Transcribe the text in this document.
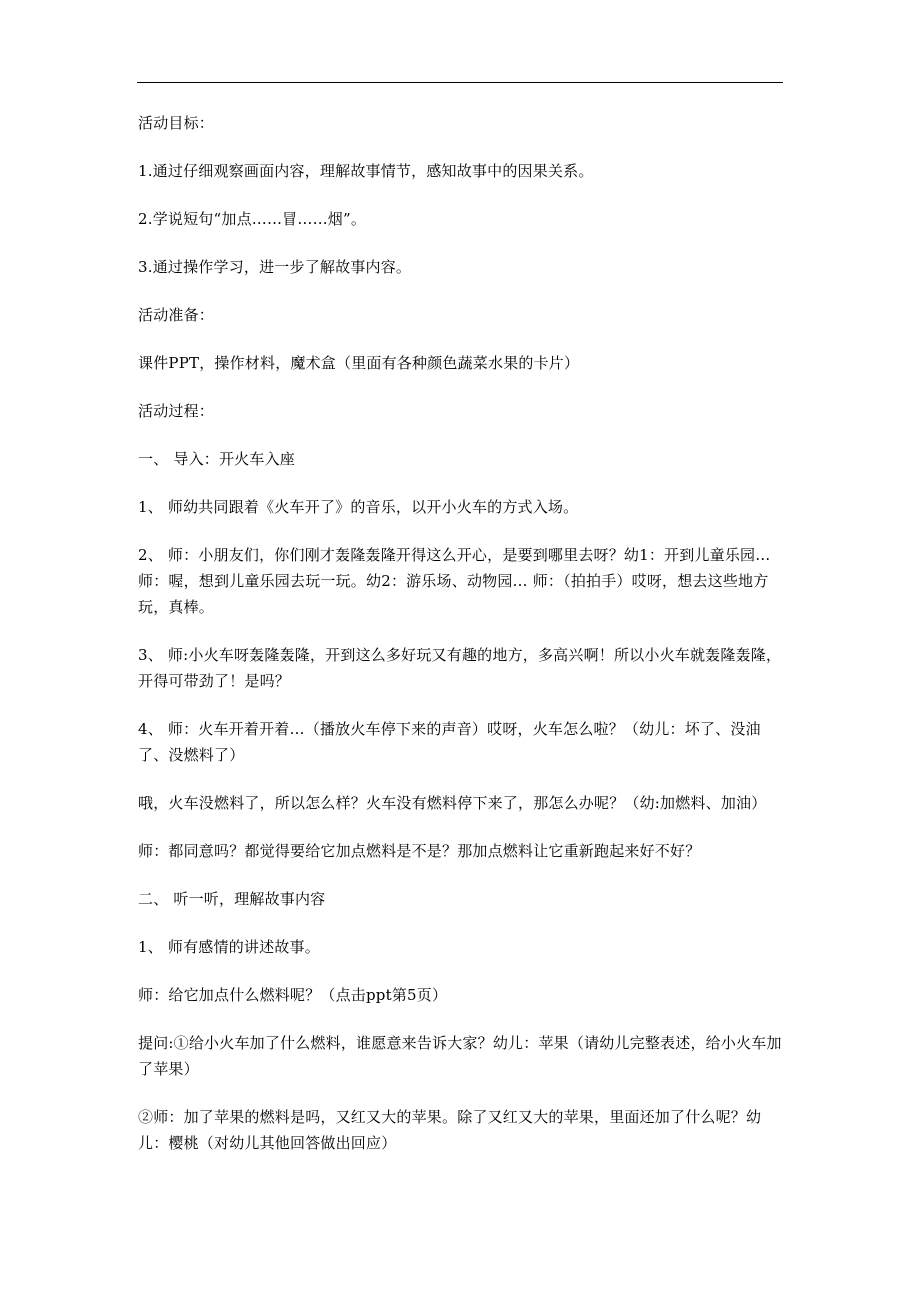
活动目标：

1.通过仔细观察画面内容，理解故事情节，感知故事中的因果关系。

2.学说短句“加点……冒……烟”。

3.通过操作学习，进一步了解故事内容。

活动准备：

课件PPT，操作材料，魔术盒（里面有各种颜色蔬菜水果的卡片）

活动过程：

一、 导入：开火车入座

1、 师幼共同跟着《火车开了》的音乐，以开小火车的方式入场。

2、 师：小朋友们，你们刚才轰隆轰隆开得这么开心，是要到哪里去呀？幼1：开到儿童乐园… 师：喔，想到儿童乐园去玩一玩。幼2：游乐场、动物园… 师：（拍拍手）哎呀，想去这些地方玩，真棒。

3、 师:小火车呀轰隆轰隆，开到这么多好玩又有趣的地方，多高兴啊！所以小火车就轰隆轰隆，开得可带劲了！是吗？

4、 师：火车开着开着…（播放火车停下来的声音）哎呀，火车怎么啦？（幼儿：坏了、没油了、没燃料了）

哦，火车没燃料了，所以怎么样？火车没有燃料停下来了，那怎么办呢？（幼:加燃料、加油）

师：都同意吗？都觉得要给它加点燃料是不是？那加点燃料让它重新跑起来好不好？

二、 听一听，理解故事内容

1、 师有感情的讲述故事。

师：给它加点什么燃料呢？（点击ppt第5页）

提问:①给小火车加了什么燃料，谁愿意来告诉大家？幼儿：苹果（请幼儿完整表述，给小火车加了苹果）

②师：加了苹果的燃料是吗，又红又大的苹果。除了又红又大的苹果，里面还加了什么呢？幼儿：樱桃（对幼儿其他回答做出回应）
